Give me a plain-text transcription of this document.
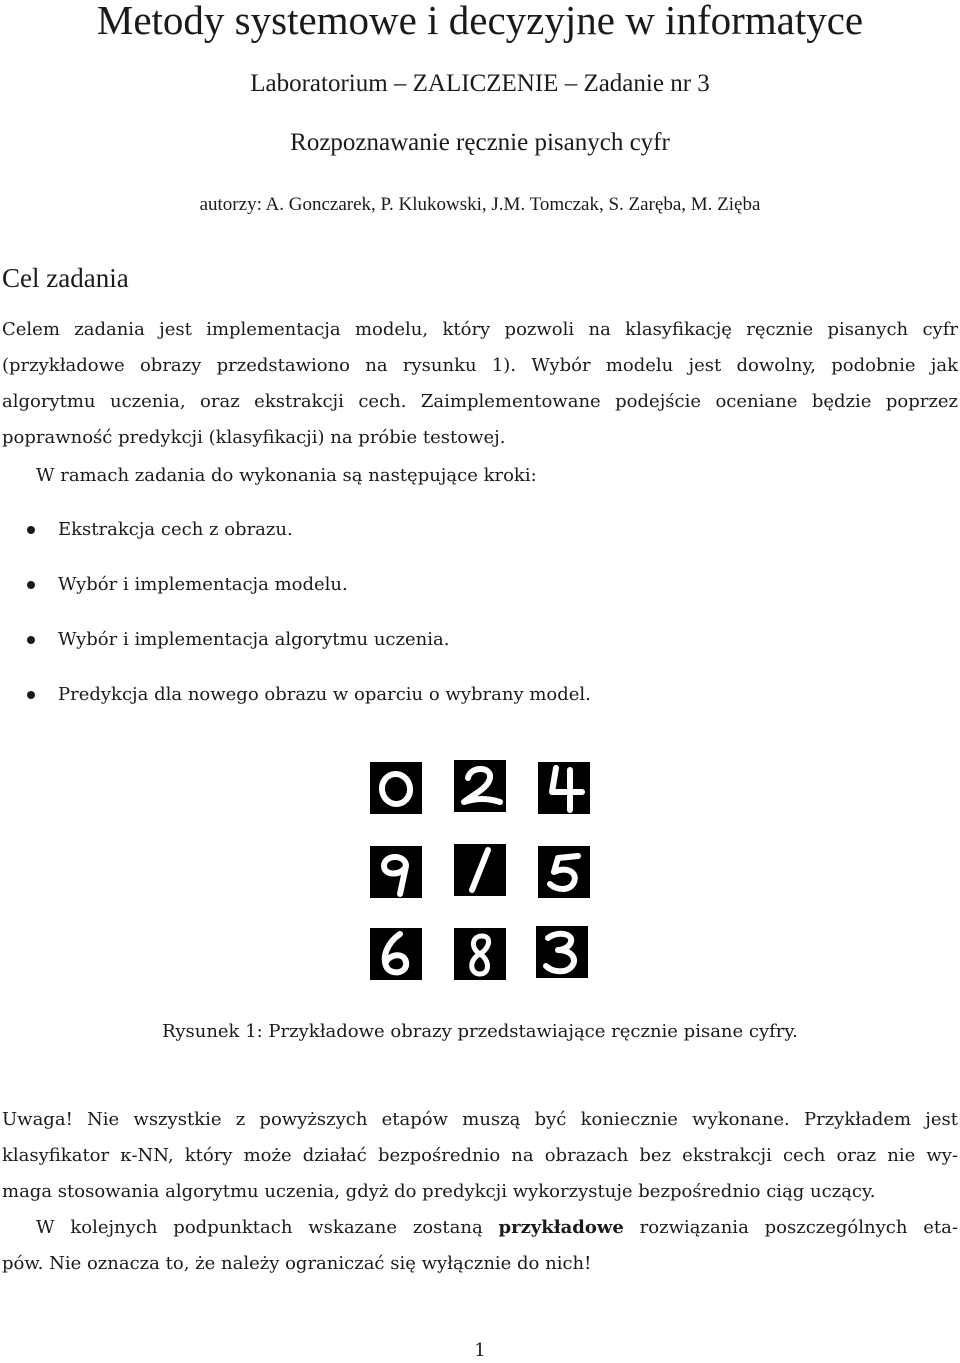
Metody systemowe i decyzyjne w informatyce
Laboratorium – ZALICZENIE – Zadanie nr 3
Rozpoznawanie ręcznie pisanych cyfr
autorzy: A. Gonczarek, P. Klukowski, J.M. Tomczak, S. Zaręba, M. Zięba
Cel zadania
Celem zadania jest implementacja modelu, który pozwoli na klasyfikację ręcznie pisanych cyfr
(przykładowe obrazy przedstawiono na rysunku 1). Wybór modelu jest dowolny, podobnie jak
algorytmu uczenia, oraz ekstrakcji cech. Zaimplementowane podejście oceniane będzie poprzez
poprawność predykcji (klasyfikacji) na próbie testowej.
W ramach zadania do wykonania są następujące kroki:
Ekstrakcja cech z obrazu.
Wybór i implementacja modelu.
Wybór i implementacja algorytmu uczenia.
Predykcja dla nowego obrazu w oparciu o wybrany model.
Rysunek 1: Przykładowe obrazy przedstawiające ręcznie pisane cyfry.
Uwaga! Nie wszystkie z powyższych etapów muszą być koniecznie wykonane. Przykładem jest
klasyfikator κ-NN, który może działać bezpośrednio na obrazach bez ekstrakcji cech oraz nie wy-
maga stosowania algorytmu uczenia, gdyż do predykcji wykorzystuje bezpośrednio ciąg uczący.
W kolejnych podpunktach wskazane zostaną przykładowe rozwiązania poszczególnych eta-
pów. Nie oznacza to, że należy ograniczać się wyłącznie do nich!
1
